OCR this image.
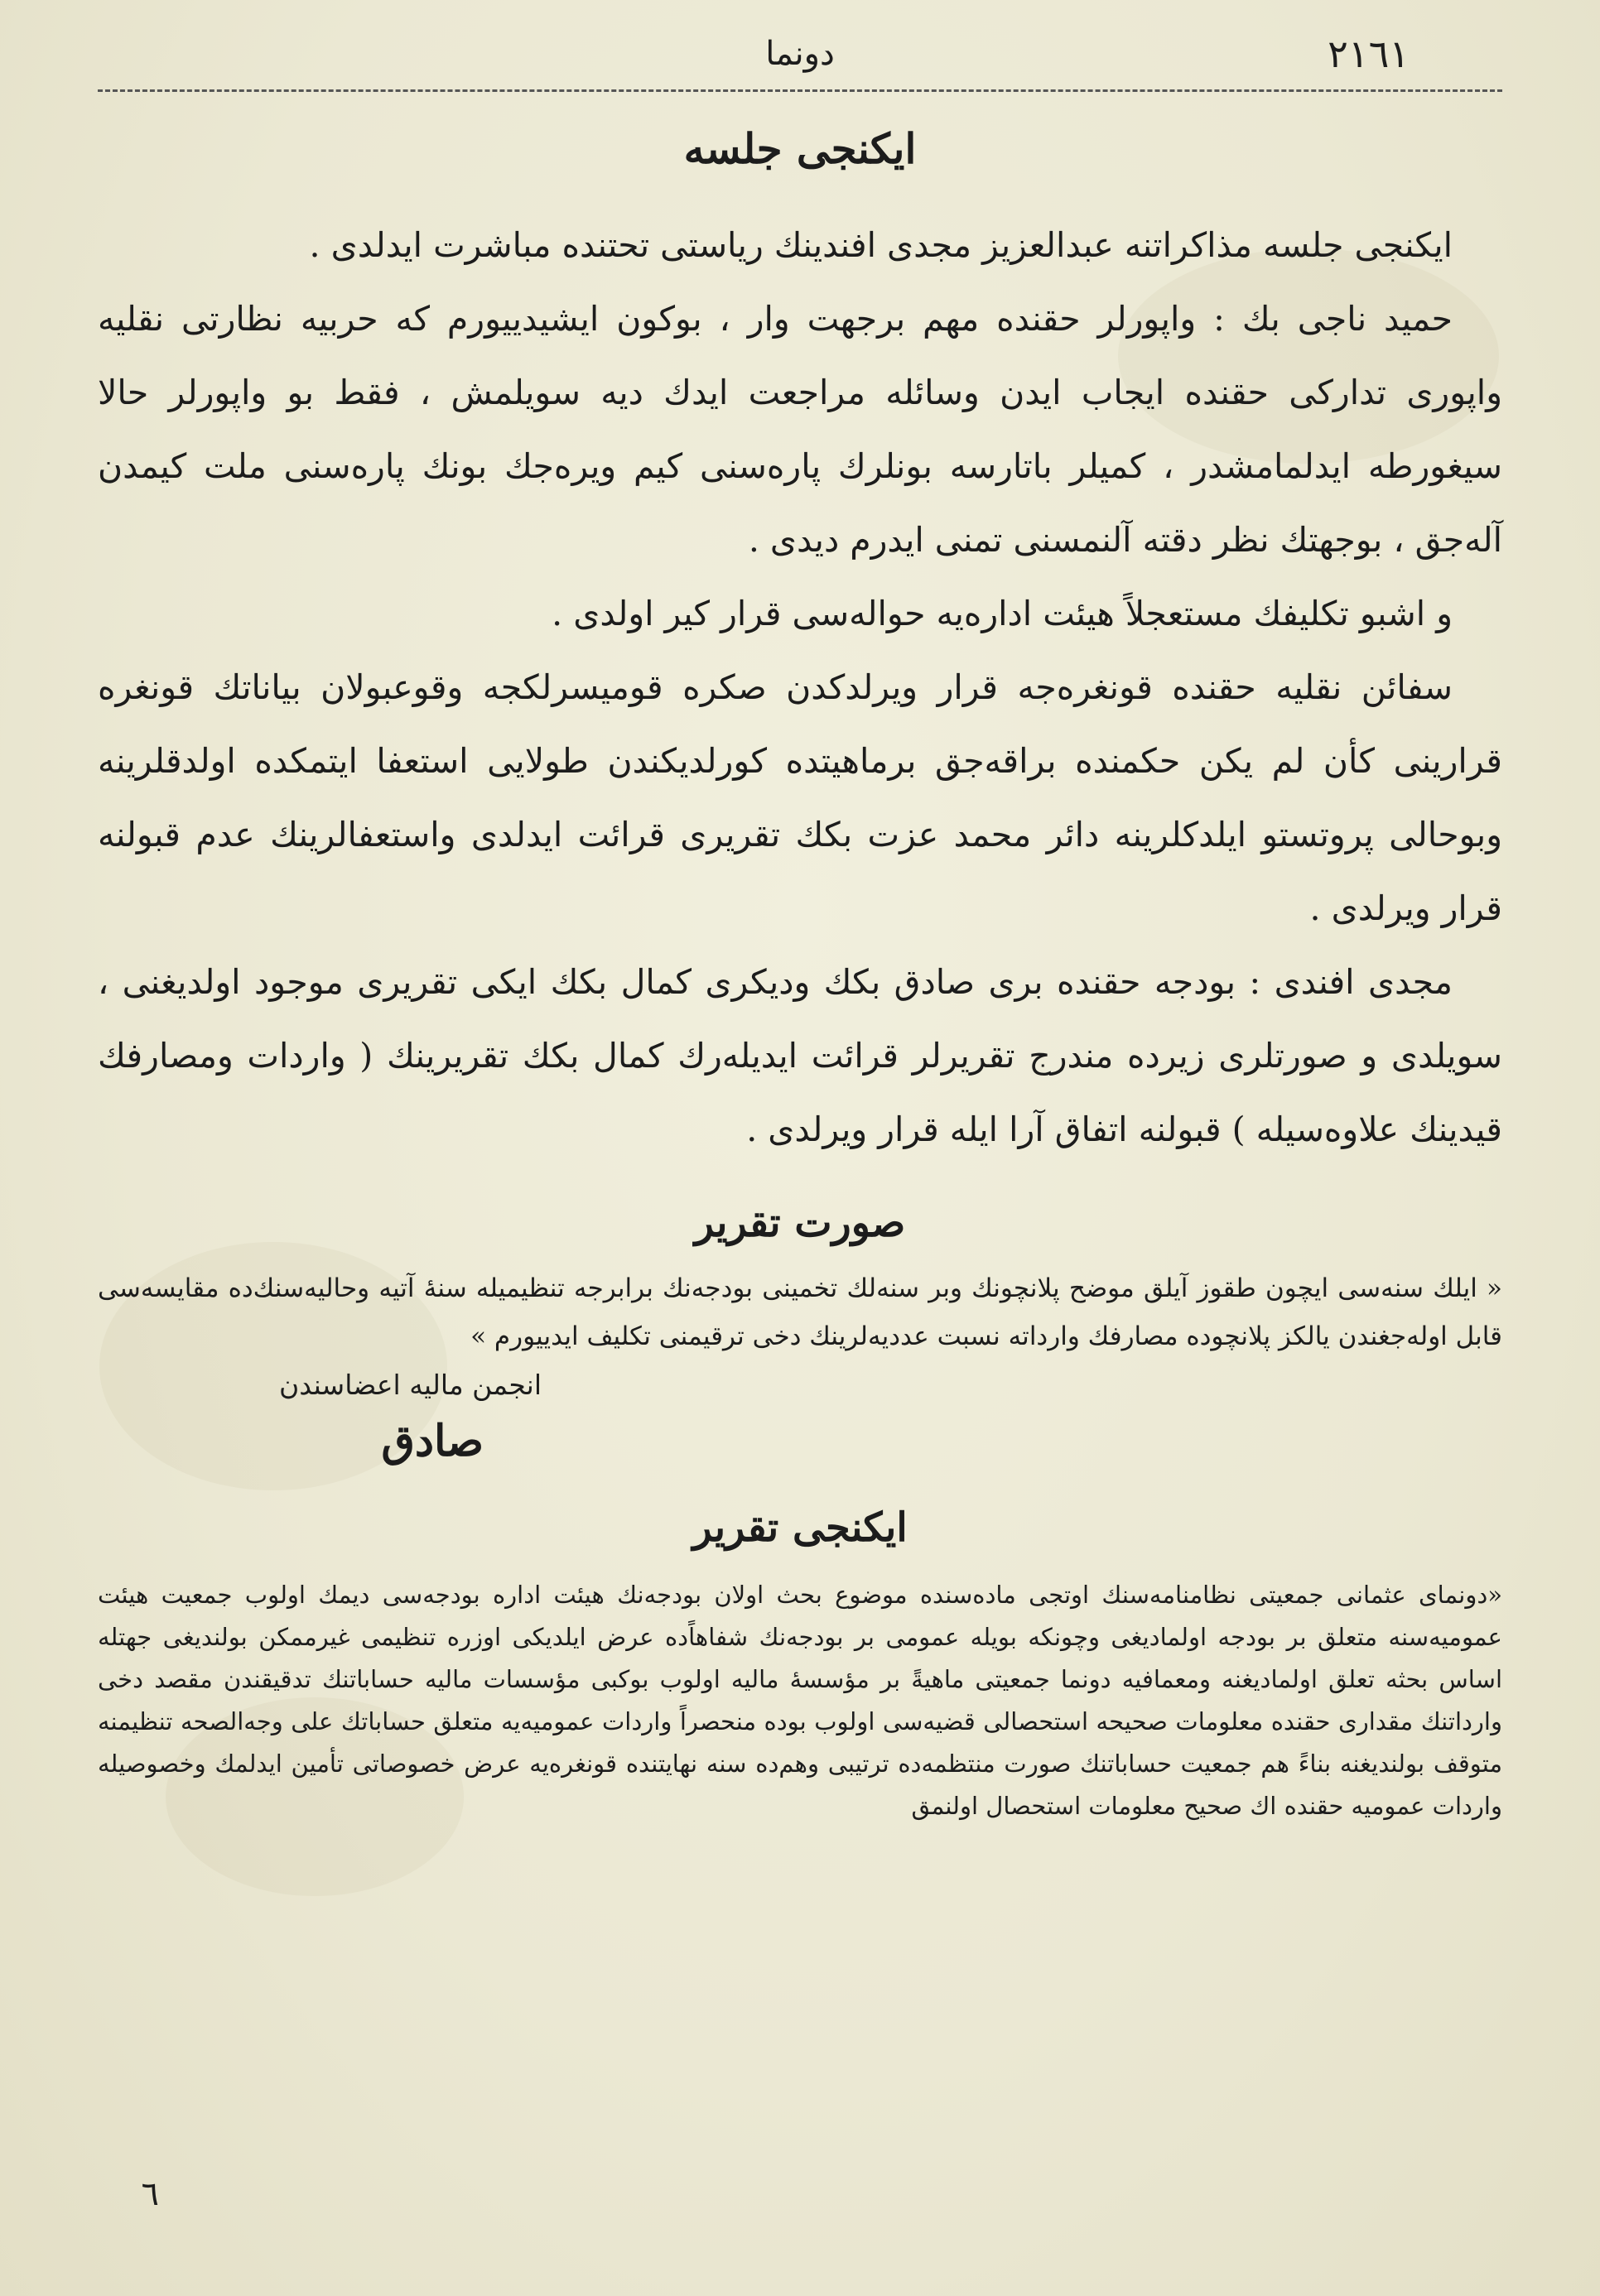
٢١٦١
دونما
ایکنجی جلسه

ایکنجی جلسه مذاکراتنه عبدالعزیز مجدی افندینك ریاستی تحتنده مباشرت ایدلدی .

حمید ناجی بك : واپورلر حقنده مهم برجهت وار ، بوکون ایشیدییورم که حربیه نظارتی نقلیه واپوری تدارکی حقنده ایجاب ایدن وسائله مراجعت ایدك دیه سویلمش ، فقط بو واپورلر حالا سیغورطه ایدلمامشدر ، کمیلر باتارسه بونلرك پاره‌سنی کیم ویره‌جك بونك پاره‌سنی ملت کیمدن آله‌جق ، بوجهتك نظر دقته آلنمسنی تمنی ایدرم دیدی .

و اشبو تکلیفك مستعجلاً هیئت اداره‌یه حواله‌سی قرار کیر اولدی .

سفائن نقلیه حقنده قونغره‌جه قرار ویرلدکدن صکره قومیسرلکجه وقوعبولان بیاناتك قونغره قرارینی کأن لم یکن حکمنده براقه‌جق برماهیتده کورلدیکندن طولایی استعفا ایتمکده اولدقلرینه وبوحالی پروتستو ایلدکلرینه دائر محمد عزت بکك تقریری قرائت ایدلدی واستعفالرینك عدم قبولنه قرار ویرلدی .

مجدی افندی : بودجه حقنده بری صادق بکك ودیکری کمال بکك ایکی تقریری موجود اولدیغنی ، سویلدی و صورتلری زیرده مندرج تقریرلر قرائت ایدیله‌رك کمال بکك تقریرینك ( واردات ومصارفك قیدینك علاوه‌سیله ) قبولنه اتفاق آرا ایله قرار ویرلدی .

صورت تقریر

« ایلك سنه‌سی ایچون طقوز آیلق موضح پلانچونك وبر سنه‌لك تخمینی بودجه‌نك برابرجه تنظیمیله سنهٔ آتیه وحالیه‌سنك‌ده مقایسه‌سی قابل اوله‌جغندن یالکز پلانچوده مصارفك وارداته نسبت عددیه‌لرینك دخی ترقیمنی تکلیف ایدییورم »

انجمن مالیه اعضاسندن

صادق

ایکنجی تقریر

«دونمای عثمانی جمعیتی نظامنامه‌سنك اوتجی ماده‌سنده موضوع بحث اولان بودجه‌نك هیئت اداره بودجه‌سی دیمك اولوب جمعیت هیئت عمومیه‌سنه متعلق بر بودجه اولمادیغی وچونکه بویله عمومی بر بودجه‌نك شفاهاً‌ده عرض ایلدیکی اوزره تنظیمی غیرممکن بولندیغی جهتله اساس بحثه تعلق اولمادیغنه ومعمافیه دونما جمعیتی ماهیةً بر مؤسسهٔ مالیه اولوب بوکبی مؤسسات مالیه حساباتنك تدقیقندن مقصد دخی وارداتنك مقداری حقنده معلومات صحیحه استحصالی قضیه‌سی اولوب بوده منحصراً واردات عمومیه‌یه متعلق حساباتك علی وجه‌الصحه تنظیمنه متوقف بولندیغنه بناءً هم جمعیت حساباتنك صورت منتظمه‌ده ترتیبی وهم‌ده سنه نهایتنده قونغره‌یه عرض خصوصاتی تأمین ایدلمك وخصوصیله واردات عمومیه حقنده اك صحیح معلومات استحصال اولنمق

٦
